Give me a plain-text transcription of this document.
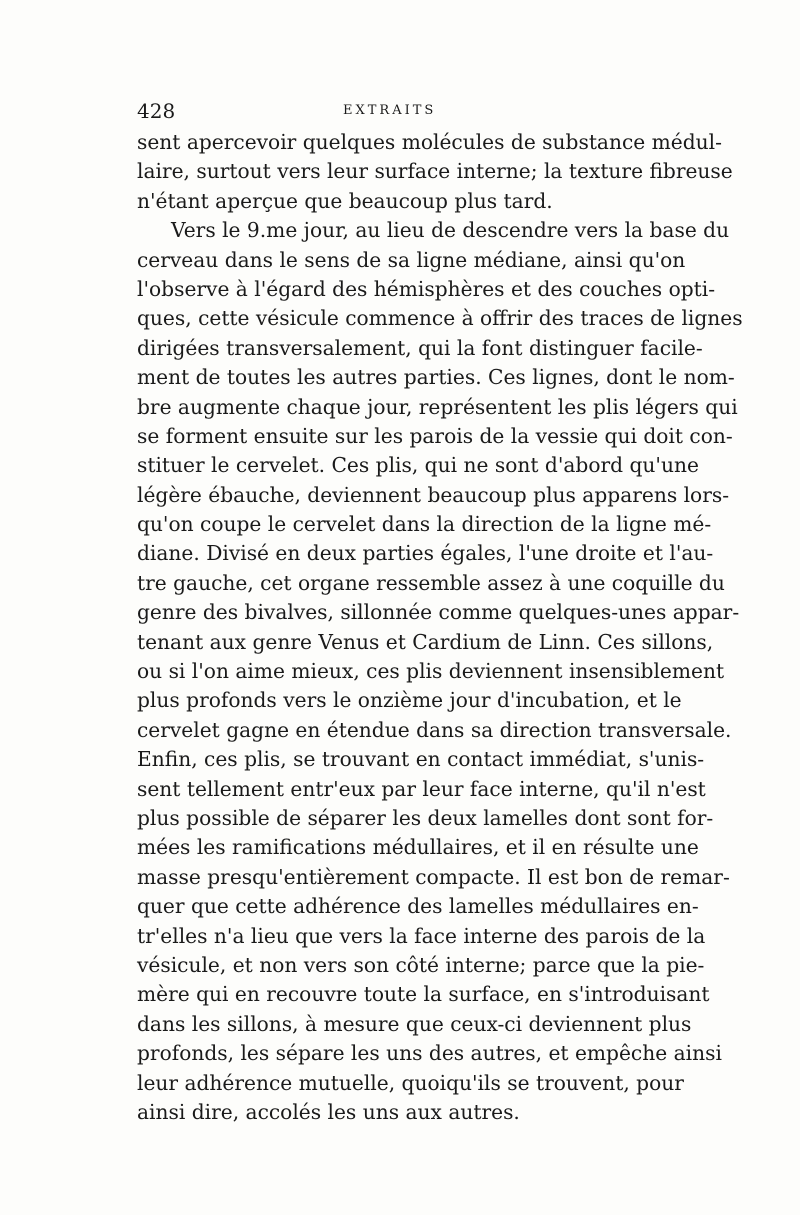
428	EXTRAITS
sent apercevoir quelques molécules de substance médul-
laire, surtout vers leur surface interne; la texture fibreuse
n'étant aperçue que beaucoup plus tard.
Vers le 9.me jour, au lieu de descendre vers la base du
cerveau dans le sens de sa ligne médiane, ainsi qu'on
l'observe à l'égard des hémisphères et des couches opti-
ques, cette vésicule commence à offrir des traces de lignes
dirigées transversalement, qui la font distinguer facile-
ment de toutes les autres parties. Ces lignes, dont le nom-
bre augmente chaque jour, représentent les plis légers qui
se forment ensuite sur les parois de la vessie qui doit con-
stituer le cervelet. Ces plis, qui ne sont d'abord qu'une
légère ébauche, deviennent beaucoup plus apparens lors-
qu'on coupe le cervelet dans la direction de la ligne mé-
diane. Divisé en deux parties égales, l'une droite et l'au-
tre gauche, cet organe ressemble assez à une coquille du
genre des bivalves, sillonnée comme quelques-unes appar-
tenant aux genre Venus et Cardium de Linn. Ces sillons,
ou si l'on aime mieux, ces plis deviennent insensiblement
plus profonds vers le onzième jour d'incubation, et le
cervelet gagne en étendue dans sa direction transversale.
Enfin, ces plis, se trouvant en contact immédiat, s'unis-
sent tellement entr'eux par leur face interne, qu'il n'est
plus possible de séparer les deux lamelles dont sont for-
mées les ramifications médullaires, et il en résulte une
masse presqu'entièrement compacte. Il est bon de remar-
quer que cette adhérence des lamelles médullaires en-
tr'elles n'a lieu que vers la face interne des parois de la
vésicule, et non vers son côté interne; parce que la pie-
mère qui en recouvre toute la surface, en s'introduisant
dans les sillons, à mesure que ceux-ci deviennent plus
profonds, les sépare les uns des autres, et empêche ainsi
leur adhérence mutuelle, quoiqu'ils se trouvent, pour
ainsi dire, accolés les uns aux autres.
